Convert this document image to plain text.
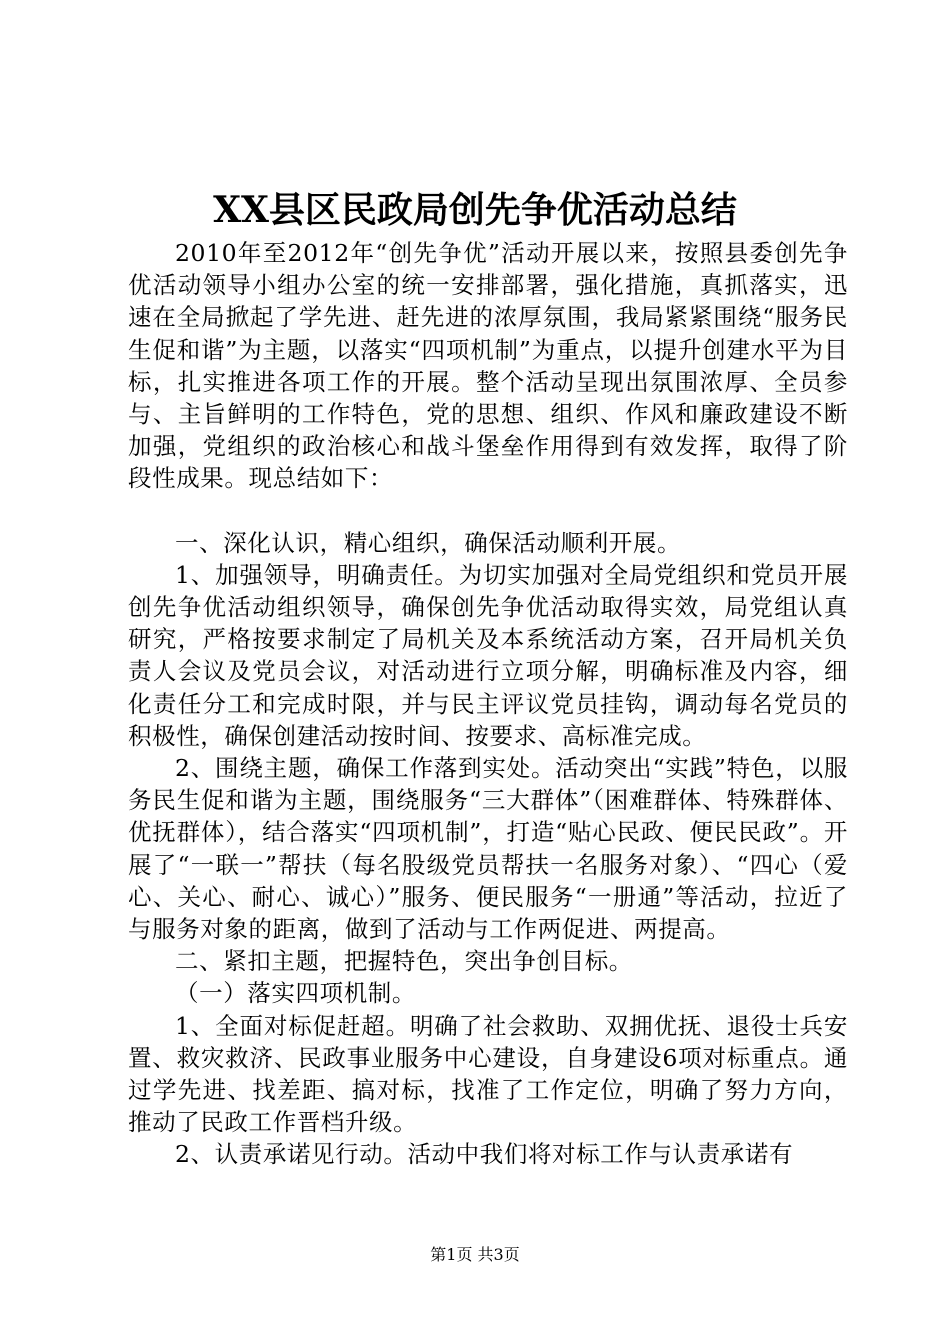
XX县区民政局创先争优活动总结

2010年至2012年“创先争优”活动开展以来，按照县委创先争优活动领导小组办公室的统一安排部署，强化措施，真抓落实，迅速在全局掀起了学先进、赶先进的浓厚氛围，我局紧紧围绕“服务民生促和谐”为主题，以落实“四项机制”为重点，以提升创建水平为目标，扎实推进各项工作的开展。整个活动呈现出氛围浓厚、全员参与、主旨鲜明的工作特色，党的思想、组织、作风和廉政建设不断加强，党组织的政治核心和战斗堡垒作用得到有效发挥，取得了阶段性成果。现总结如下：

一、深化认识，精心组织，确保活动顺利开展。

1、加强领导，明确责任。为切实加强对全局党组织和党员开展创先争优活动组织领导，确保创先争优活动取得实效，局党组认真研究，严格按要求制定了局机关及本系统活动方案，召开局机关负责人会议及党员会议，对活动进行立项分解，明确标准及内容，细化责任分工和完成时限，并与民主评议党员挂钩，调动每名党员的积极性，确保创建活动按时间、按要求、高标准完成。

2、围绕主题，确保工作落到实处。活动突出“实践”特色，以服务民生促和谐为主题，围绕服务“三大群体”（困难群体、特殊群体、优抚群体），结合落实“四项机制”，打造“贴心民政、便民民政”。开展了“一联一”帮扶（每名股级党员帮扶一名服务对象）、“四心（爱心、关心、耐心、诚心）”服务、便民服务“一册通”等活动，拉近了与服务对象的距离，做到了活动与工作两促进、两提高。

二、紧扣主题，把握特色，突出争创目标。

（一）落实四项机制。

1、全面对标促赶超。明确了社会救助、双拥优抚、退役士兵安置、救灾救济、民政事业服务中心建设，自身建设6项对标重点。通过学先进、找差距、搞对标，找准了工作定位，明确了努力方向，推动了民政工作晋档升级。

2、认责承诺见行动。活动中我们将对标工作与认责承诺有

第1页 共3页
